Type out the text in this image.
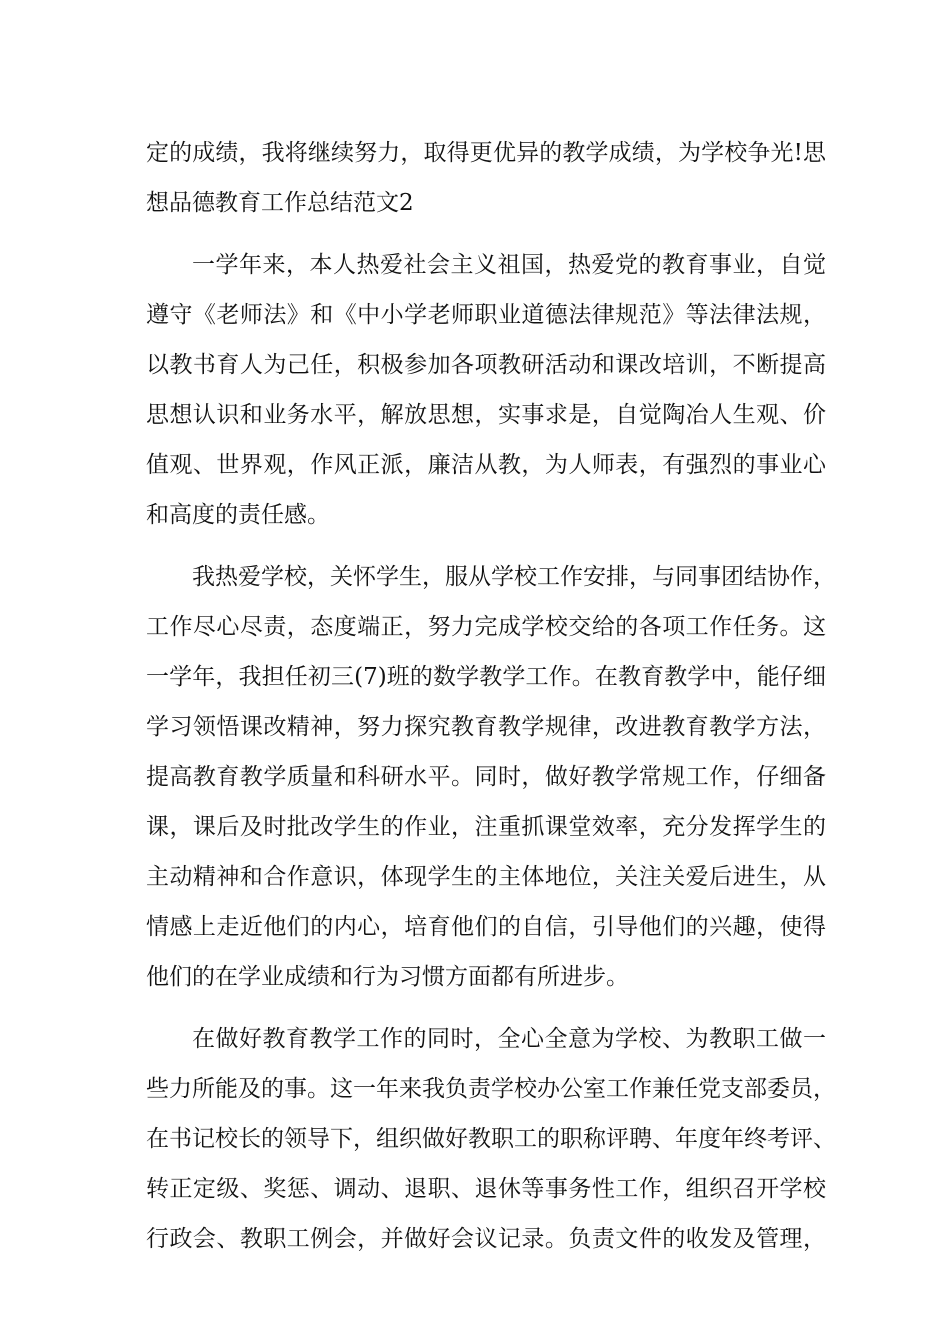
定的成绩，我将继续努力，取得更优异的教学成绩，为学校争光!思
想品德教育工作总结范文2
一学年来，本人热爱社会主义祖国，热爱党的教育事业，自觉
遵守《老师法》和《中小学老师职业道德法律规范》等法律法规，
以教书育人为己任，积极参加各项教研活动和课改培训，不断提高
思想认识和业务水平，解放思想，实事求是，自觉陶冶人生观、价
值观、世界观，作风正派，廉洁从教，为人师表，有强烈的事业心
和高度的责任感。
我热爱学校，关怀学生，服从学校工作安排，与同事团结协作，
工作尽心尽责，态度端正，努力完成学校交给的各项工作任务。这
一学年，我担任初三(7)班的数学教学工作。在教育教学中，能仔细
学习领悟课改精神，努力探究教育教学规律，改进教育教学方法，
提高教育教学质量和科研水平。同时，做好教学常规工作，仔细备
课，课后及时批改学生的作业，注重抓课堂效率，充分发挥学生的
主动精神和合作意识，体现学生的主体地位，关注关爱后进生，从
情感上走近他们的内心，培育他们的自信，引导他们的兴趣，使得
他们的在学业成绩和行为习惯方面都有所进步。
在做好教育教学工作的同时，全心全意为学校、为教职工做一
些力所能及的事。这一年来我负责学校办公室工作兼任党支部委员，
在书记校长的领导下，组织做好教职工的职称评聘、年度年终考评、
转正定级、奖惩、调动、退职、退休等事务性工作，组织召开学校
行政会、教职工例会，并做好会议记录。负责文件的收发及管理，
